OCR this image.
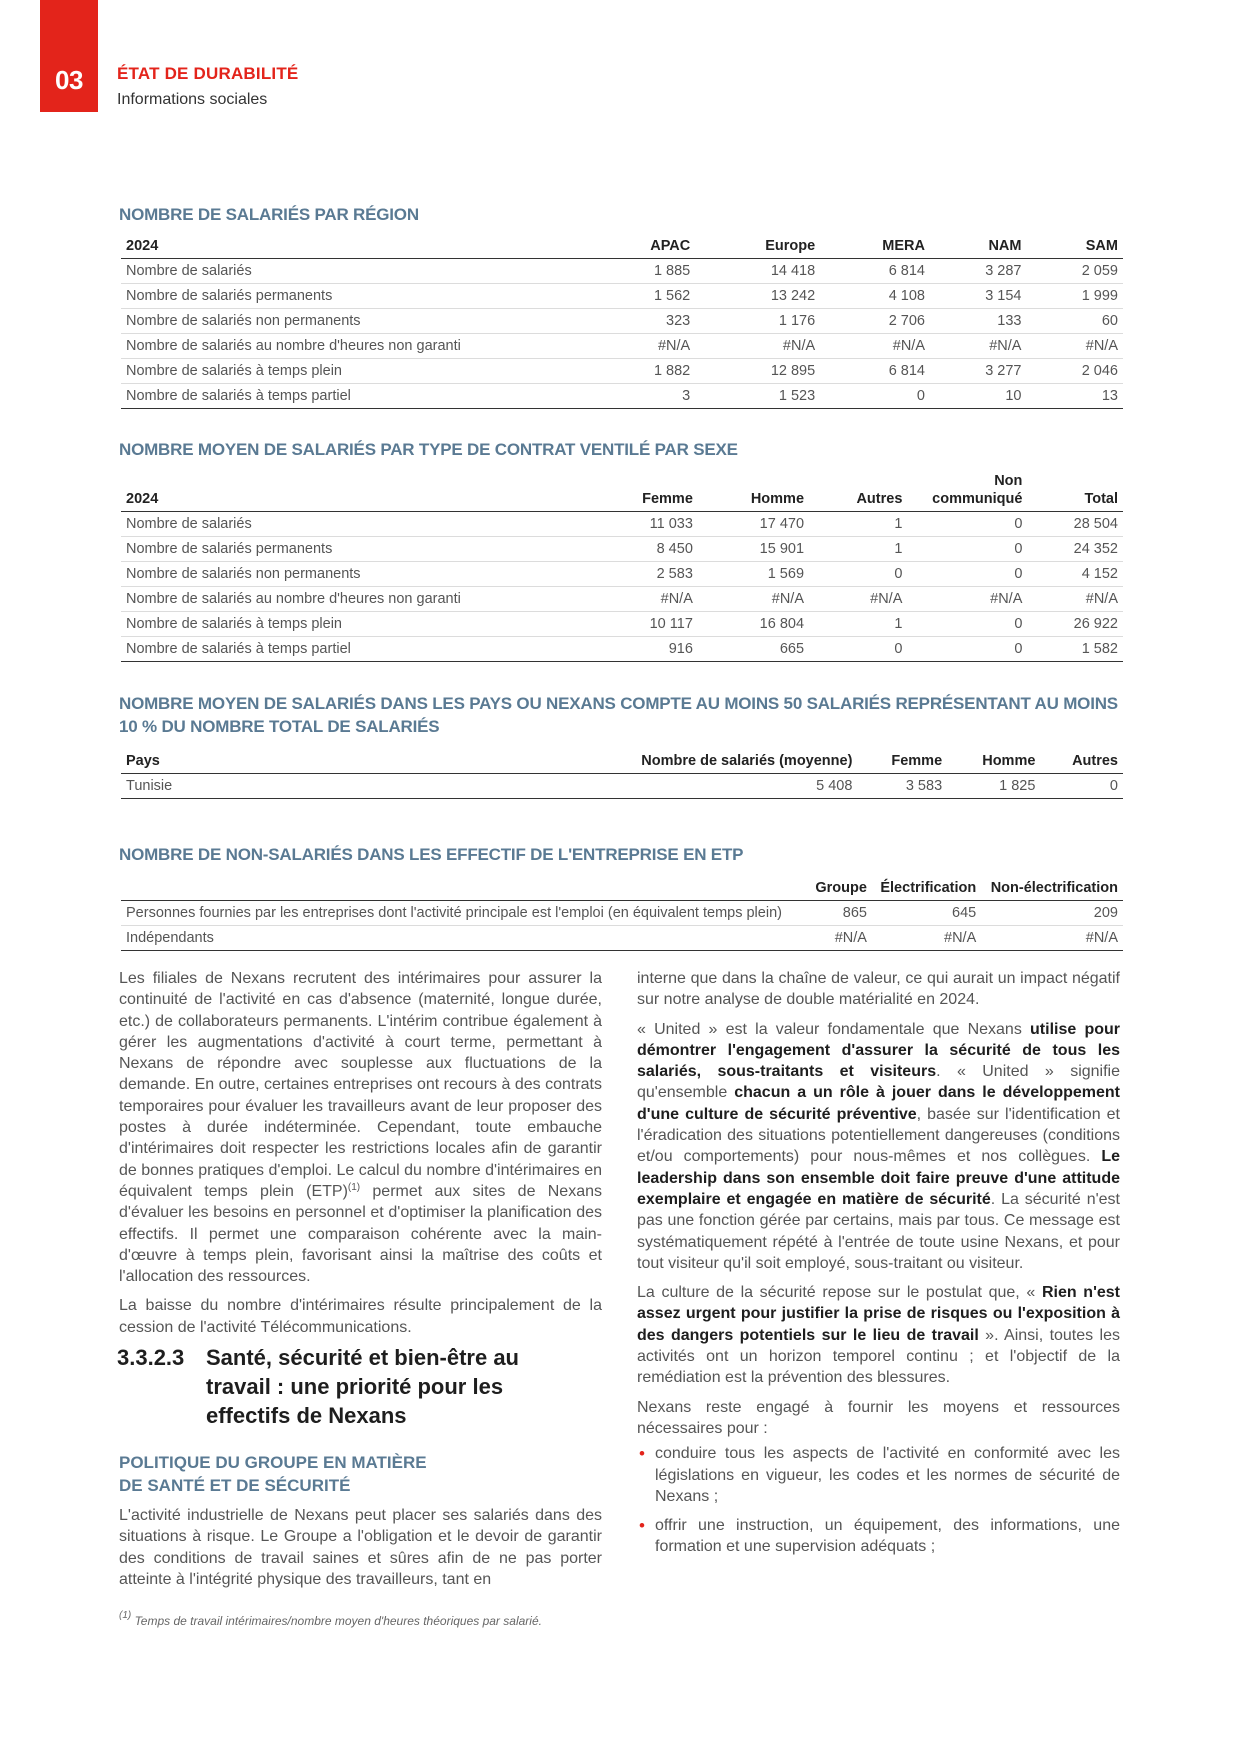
03	ÉTAT DE DURABILITÉ
Informations sociales
NOMBRE DE SALARIÉS PAR RÉGION
2024	APAC	Europe	MERA	NAM	SAM
Nombre de salariés	1 885	14 418	6 814	3 287	2 059
Nombre de salariés permanents	1 562	13 242	4 108	3 154	1 999
Nombre de salariés non permanents	323	1 176	2 706	133	60
Nombre de salariés au nombre d'heures non garanti	#N/A	#N/A	#N/A	#N/A	#N/A
Nombre de salariés à temps plein	1 882	12 895	6 814	3 277	2 046
Nombre de salariés à temps partiel	3	1 523	0	10	13
NOMBRE MOYEN DE SALARIÉS PAR TYPE DE CONTRAT VENTILÉ PAR SEXE
2024	Femme	Homme	Autres	Non communiqué	Total
Nombre de salariés	11 033	17 470	1	0	28 504
Nombre de salariés permanents	8 450	15 901	1	0	24 352
Nombre de salariés non permanents	2 583	1 569	0	0	4 152
Nombre de salariés au nombre d'heures non garanti	#N/A	#N/A	#N/A	#N/A	#N/A
Nombre de salariés à temps plein	10 117	16 804	1	0	26 922
Nombre de salariés à temps partiel	916	665	0	0	1 582
NOMBRE MOYEN DE SALARIÉS DANS LES PAYS OU NEXANS COMPTE AU MOINS 50 SALARIÉS REPRÉSENTANT AU MOINS 10 % DU NOMBRE TOTAL DE SALARIÉS
Pays	Nombre de salariés (moyenne)	Femme	Homme	Autres
Tunisie	5 408	3 583	1 825	0
NOMBRE DE NON-SALARIÉS DANS LES EFFECTIF DE L'ENTREPRISE EN ETP
	Groupe	Électrification	Non-électrification
Personnes fournies par les entreprises dont l'activité principale est l'emploi (en équivalent temps plein)	865	645	209
Indépendants	#N/A	#N/A	#N/A

Les filiales de Nexans recrutent des intérimaires pour assurer la continuité de l'activité en cas d'absence (maternité, longue durée, etc.) de collaborateurs permanents. L'intérim contribue également à gérer les augmentations d'activité à court terme, permettant à Nexans de répondre avec souplesse aux fluctuations de la demande. En outre, certaines entreprises ont recours à des contrats temporaires pour évaluer les travailleurs avant de leur proposer des postes à durée indéterminée. Cependant, toute embauche d'intérimaires doit respecter les restrictions locales afin de garantir de bonnes pratiques d'emploi. Le calcul du nombre d'intérimaires en équivalent temps plein (ETP)$^{(1)}$ permet aux sites de Nexans d'évaluer les besoins en personnel et d'optimiser la planification des effectifs. Il permet une comparaison cohérente avec la main-d'œuvre à temps plein, favorisant ainsi la maîtrise des coûts et l'allocation des ressources.

La baisse du nombre d'intérimaires résulte principalement de la cession de l'activité Télécommunications.

3.3.2.3 Santé, sécurité et bien-être au travail : une priorité pour les effectifs de Nexans
POLITIQUE DU GROUPE EN MATIÈRE
DE SANTÉ ET DE SÉCURITÉ

L'activité industrielle de Nexans peut placer ses salariés dans des situations à risque. Le Groupe a l'obligation et le devoir de garantir des conditions de travail saines et sûres afin de ne pas porter atteinte à l'intégrité physique des travailleurs, tant en

interne que dans la chaîne de valeur, ce qui aurait un impact négatif sur notre analyse de double matérialité en 2024.

« United » est la valeur fondamentale que Nexans utilise pour démontrer l'engagement d'assurer la sécurité de tous les salariés, sous-traitants et visiteurs. « United » signifie qu'ensemble chacun a un rôle à jouer dans le développement d'une culture de sécurité préventive, basée sur l'identification et l'éradication des situations potentiellement dangereuses (conditions et/ou comportements) pour nous-mêmes et nos collègues. Le leadership dans son ensemble doit faire preuve d'une attitude exemplaire et engagée en matière de sécurité. La sécurité n'est pas une fonction gérée par certains, mais par tous. Ce message est systématiquement répété à l'entrée de toute usine Nexans, et pour tout visiteur qu'il soit employé, sous-traitant ou visiteur.

La culture de la sécurité repose sur le postulat que, « Rien n'est assez urgent pour justifier la prise de risques ou l'exposition à des dangers potentiels sur le lieu de travail ». Ainsi, toutes les activités ont un horizon temporel continu ; et l'objectif de la remédiation est la prévention des blessures.

Nexans reste engagé à fournir les moyens et ressources nécessaires pour :

• conduire tous les aspects de l'activité en conformité avec les législations en vigueur, les codes et les normes de sécurité de Nexans ;
• offrir une instruction, un équipement, des informations, une formation et une supervision adéquats ;
$^{(1)}$ Temps de travail intérimaires/nombre moyen d'heures théoriques par salarié.
